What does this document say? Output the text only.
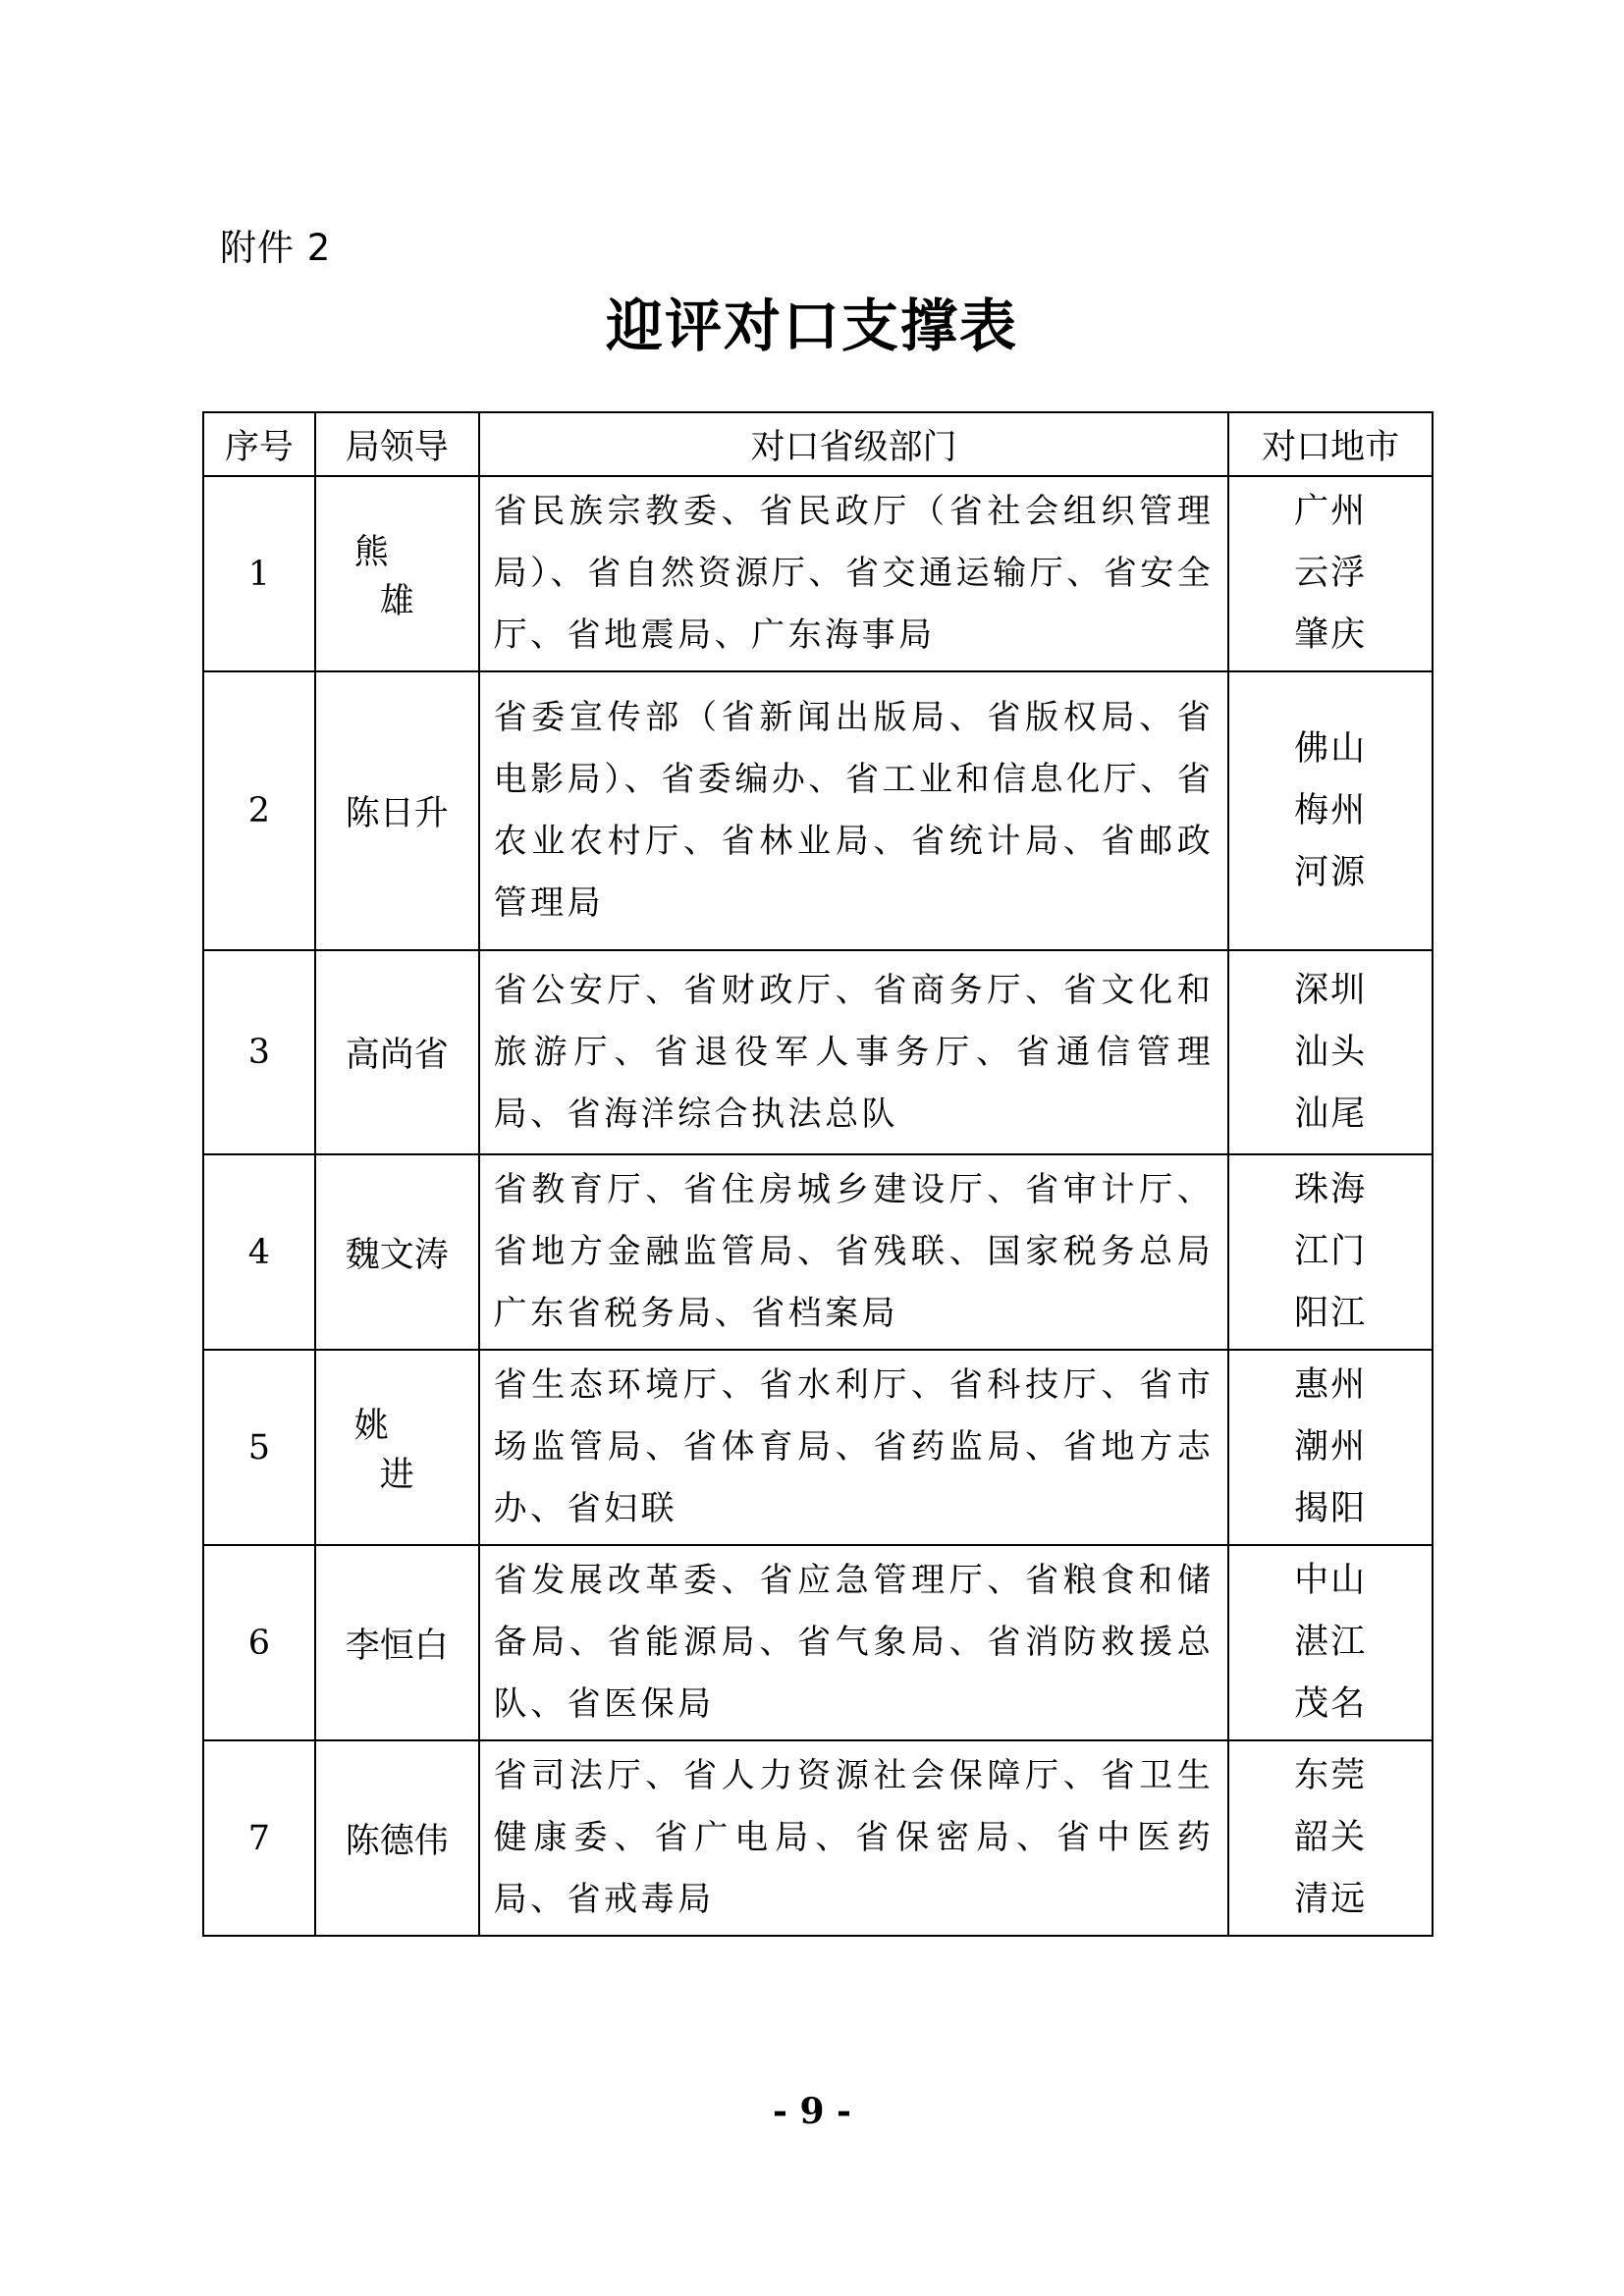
附件 2
迎评对口支撑表
序号	局领导	对口省级部门	对口地市
1	熊雄	省民族宗教委、省民政厅（省社会组织管理局）、省自然资源厅、省交通运输厅、省安全厅、省地震局、广东海事局	广州
云浮
肇庆

2	陈日升	省委宣传部（省新闻出版局、省版权局、省电影局）、省委编办、省工业和信息化厅、省农业农村厅、省林业局、省统计局、省邮政管理局	佛山
梅州
河源

3	高尚省	省公安厅、省财政厅、省商务厅、省文化和旅游厅、省退役军人事务厅、省通信管理局、省海洋综合执法总队	深圳
汕头
汕尾

4	魏文涛	省教育厅、省住房城乡建设厅、省审计厅、省地方金融监管局、省残联、国家税务总局广东省税务局、省档案局	珠海
江门
阳江

5	姚进	省生态环境厅、省水利厅、省科技厅、省市场监管局、省体育局、省药监局、省地方志办、省妇联	惠州
潮州
揭阳

6	李恒白	省发展改革委、省应急管理厅、省粮食和储备局、省能源局、省气象局、省消防救援总队、省医保局	中山
湛江
茂名

7	陈德伟	省司法厅、省人力资源社会保障厅、省卫生健康委、省广电局、省保密局、省中医药局、省戒毒局	东莞
韶关
清远
- 9 -
